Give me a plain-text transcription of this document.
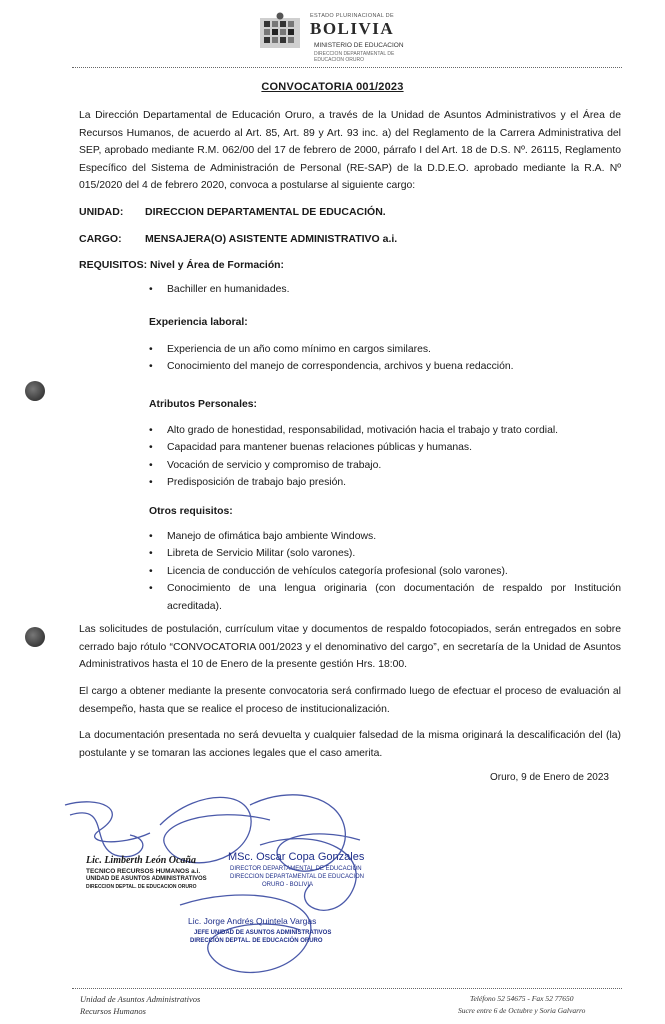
ESTADO PLURINACIONAL DE
BOLIVIA
MINISTERIO DE EDUCACION
DIRECCION DEPARTAMENTAL DE EDUCACION ORURO
CONVOCATORIA 001/2023
La Dirección Departamental de Educación Oruro, a través de la Unidad de Asuntos Administrativos y el Área de Recursos Humanos, de acuerdo al Art. 85, Art. 89 y Art. 93 inc. a) del Reglamento de la Carrera Administrativa del SEP, aprobado mediante R.M. 062/00 del 17 de febrero de 2000, párrafo I del Art. 18 de D.S. Nº. 26115, Reglamento Específico del Sistema de Administración de Personal (RE-SAP) de la D.D.E.O. aprobado mediante la R.A. Nº 015/2020 del 4 de febrero 2020, convoca a postularse al siguiente cargo:
UNIDAD: DIRECCION DEPARTAMENTAL DE EDUCACIÓN.
CARGO: MENSAJERA(O) ASISTENTE ADMINISTRATIVO a.i.
REQUISITOS: Nivel y Área de Formación:
• Bachiller en humanidades.
Experiencia laboral:
• Experiencia de un año como mínimo en cargos similares.
• Conocimiento del manejo de correspondencia, archivos y buena redacción.
Atributos Personales:
• Alto grado de honestidad, responsabilidad, motivación hacia el trabajo y trato cordial.
• Capacidad para mantener buenas relaciones públicas y humanas.
• Vocación de servicio y compromiso de trabajo.
• Predisposición de trabajo bajo presión.
Otros requisitos:
• Manejo de ofimática bajo ambiente Windows.
• Libreta de Servicio Militar (solo varones).
• Licencia de conducción de vehículos categoría profesional (solo varones).
• Conocimiento de una lengua originaria (con documentación de respaldo por Institución acreditada).
Las solicitudes de postulación, currículum vitae y documentos de respaldo fotocopiados, serán entregados en sobre cerrado bajo rótulo “CONVOCATORIA 001/2023 y el denominativo del cargo”, en secretaría de la Unidad de Asuntos Administrativos hasta el 10 de Enero de la presente gestión Hrs. 18:00.
El cargo a obtener mediante la presente convocatoria será confirmado luego de efectuar el proceso de evaluación al desempeño, hasta que se realice el proceso de institucionalización.
La documentación presentada no será devuelta y cualquier falsedad de la misma originará la descalificación del (la) postulante y se tomaran las acciones legales que el caso amerita.
Oruro, 9 de Enero de 2023
Lic. Limberth León Ocaña
TECNICO RECURSOS HUMANOS a.i.
UNIDAD DE ASUNTOS ADMINISTRATIVOS
DIRECCION DEPTAL. DE EDUCACION ORURO
MSc. Oscar Copa Gonzales
DIRECTOR DEPARTAMENTAL DE EDUCACIÓN
DIRECCION DEPARTAMENTAL DE EDUCACION
ORURO - BOLIVIA
Lic. Jorge Andrés Quintela Vargas
JEFE UNIDAD DE ASUNTOS ADMINISTRATIVOS
DIRECCIÓN DEPTAL. DE EDUCACIÓN ORURO
Unidad de Asuntos Administrativos
Recursos Humanos
Teléfono 52 54675 - Fax 52 77650
Sucre entre 6 de Octubre y Soria Galvarro
